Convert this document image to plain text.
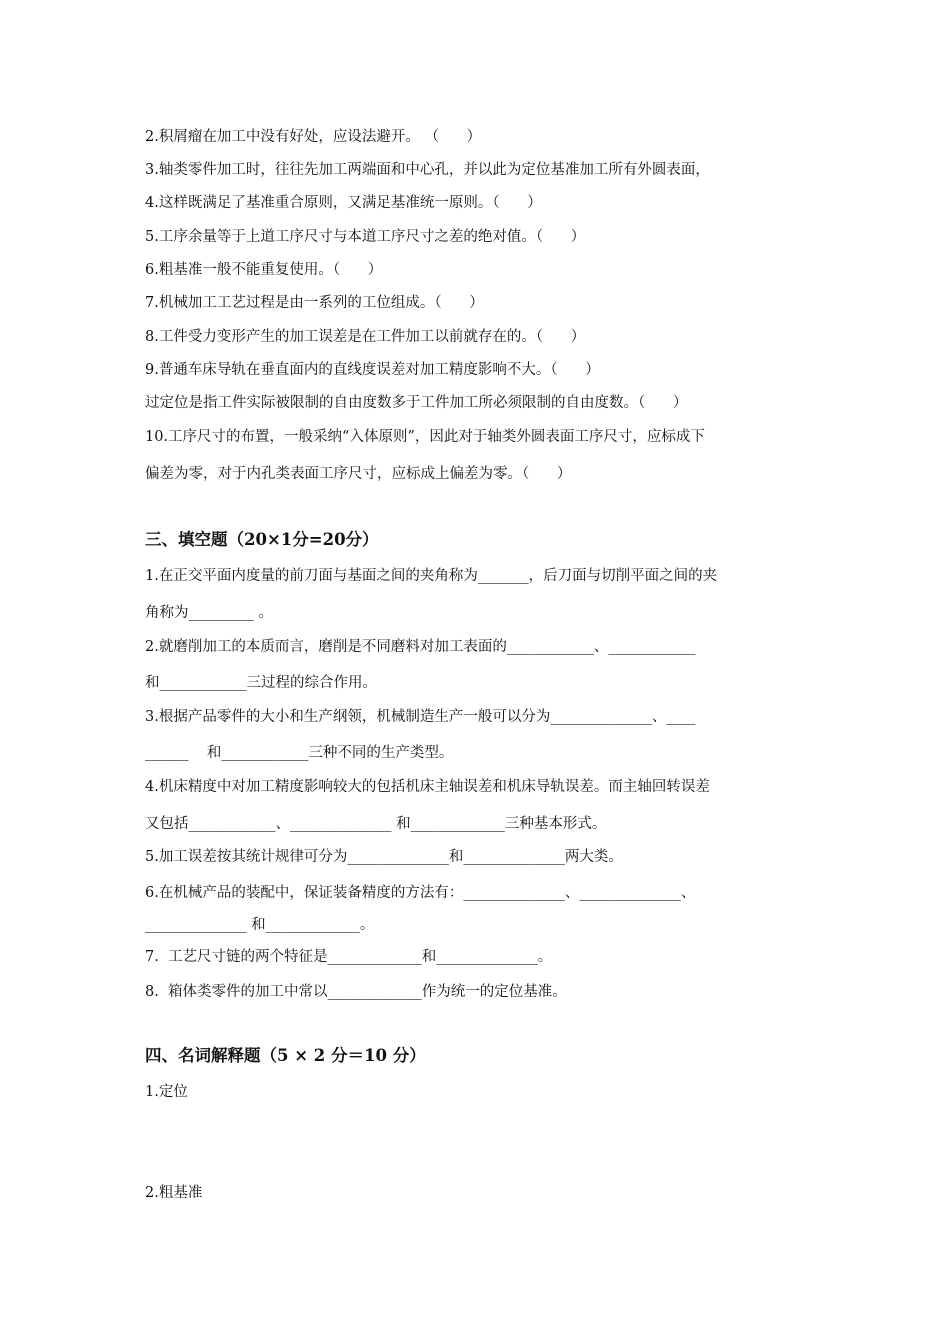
2.积屑瘤在加工中没有好处，应设法避开。 （      ）
3.轴类零件加工时，往往先加工两端面和中心孔，并以此为定位基准加工所有外圆表面，
4.这样既满足了基准重合原则，又满足基准统一原则。（      ）
5.工序余量等于上道工序尺寸与本道工序尺寸之差的绝对值。（      ）
6.粗基准一般不能重复使用。（      ）
7.机械加工工艺过程是由一系列的工位组成。（      ）
8.工件受力变形产生的加工误差是在工件加工以前就存在的。（      ）
9.普通车床导轨在垂直面内的直线度误差对加工精度影响不大。（      ）
过定位是指工件实际被限制的自由度数多于工件加工所必须限制的自由度数。（      ）
10.工序尺寸的布置，一般采纳“入体原则”，因此对于轴类外圆表面工序尺寸，应标成下
偏差为零，对于内孔类表面工序尺寸，应标成上偏差为零。（      ）
三、填空题（20×1分=20分）
1.在正交平面内度量的前刀面与基面之间的夹角称为_______，后刀面与切削平面之间的夹
角称为_________ 。
2.就磨削加工的本质而言，磨削是不同磨料对加工表面的____________、____________
和____________三过程的综合作用。
3.根据产品零件的大小和生产纲领，机械制造生产一般可以分为______________、____
______    和____________三种不同的生产类型。
4.机床精度中对加工精度影响较大的包括机床主轴误差和机床导轨误差。而主轴回转误差
又包括____________、______________ 和_____________三种基本形式。
5.加工误差按其统计规律可分为______________和______________两大类。
6.在机械产品的装配中，保证装备精度的方法有：______________、______________、
______________ 和_____________。
7.  工艺尺寸链的两个特征是_____________和______________。
8.  箱体类零件的加工中常以_____________作为统一的定位基准。
四、名词解释题（5 × 2 分＝10 分）
1.定位
2.粗基准
